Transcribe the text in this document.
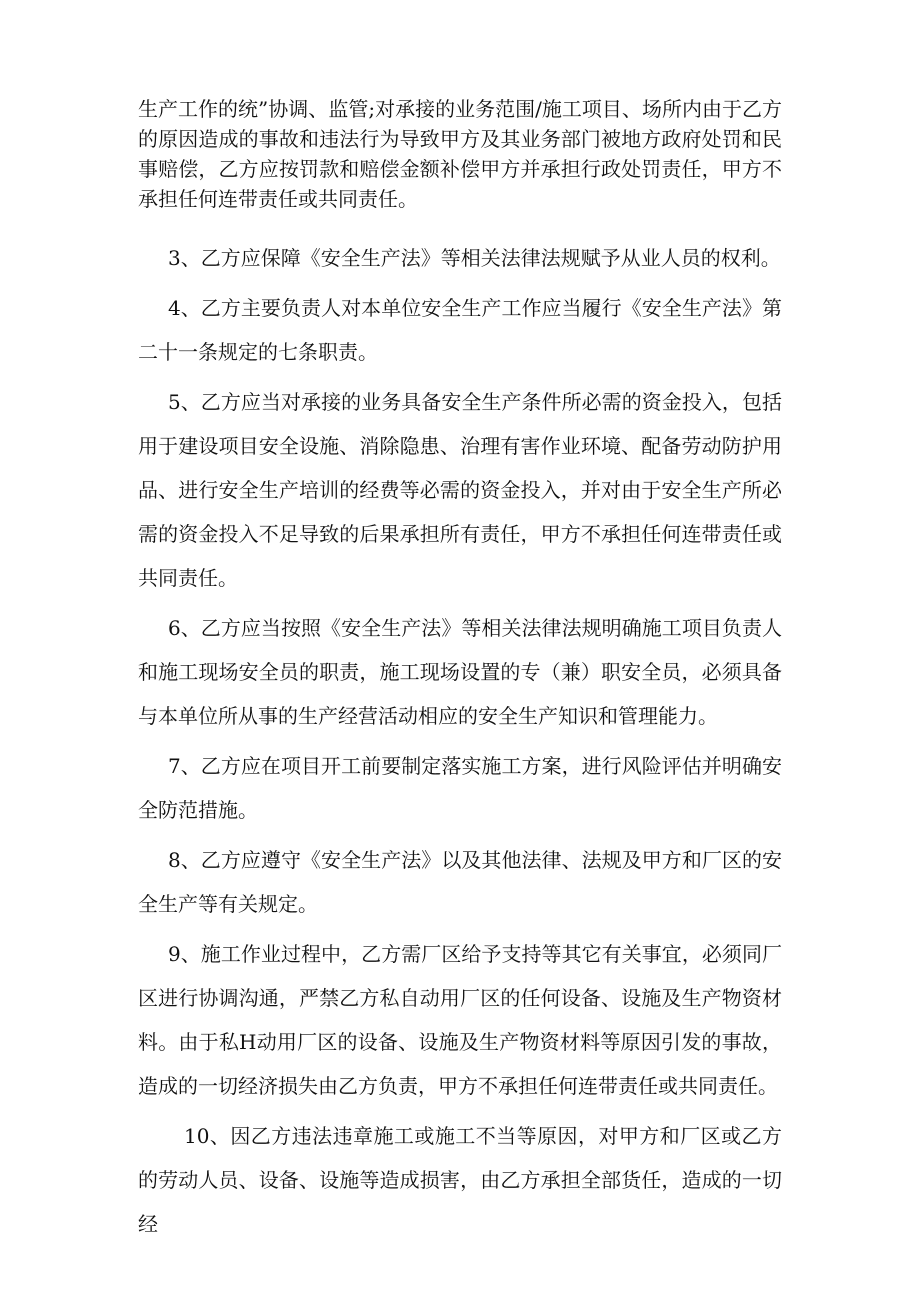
生产工作的统”协调、监管;对承接的业务范围/施工项目、场所内由于乙方的原因造成的事故和违法行为导致甲方及其业务部门被地方政府处罚和民事赔偿，乙方应按罚款和赔偿金额补偿甲方并承担行政处罚责任，甲方不承担任何连带责任或共同责任。

3、乙方应保障《安全生产法》等相关法律法规赋予从业人员的权利。

4、乙方主要负责人对本单位安全生产工作应当履行《安全生产法》第二十一条规定的七条职责。

5、乙方应当对承接的业务具备安全生产条件所必需的资金投入，包括用于建设项目安全设施、消除隐患、治理有害作业环境、配备劳动防护用品、进行安全生产培训的经费等必需的资金投入，并对由于安全生产所必需的资金投入不足导致的后果承担所有责任，甲方不承担任何连带责任或共同责任。

6、乙方应当按照《安全生产法》等相关法律法规明确施工项目负责人和施工现场安全员的职责，施工现场设置的专（兼）职安全员，必须具备与本单位所从事的生产经营活动相应的安全生产知识和管理能力。

7、乙方应在项目开工前要制定落实施工方案，进行风险评估并明确安全防范措施。

8、乙方应遵守《安全生产法》以及其他法律、法规及甲方和厂区的安全生产等有关规定。

9、施工作业过程中，乙方需厂区给予支持等其它有关事宜，必须同厂区进行协调沟通，严禁乙方私自动用厂区的任何设备、设施及生产物资材料。由于私H动用厂区的设备、设施及生产物资材料等原因引发的事故，造成的一切经济损失由乙方负责，甲方不承担任何连带责任或共同责任。

10、因乙方违法违章施工或施工不当等原因，对甲方和厂区或乙方的劳动人员、设备、设施等造成损害，由乙方承担全部货任，造成的一切经
